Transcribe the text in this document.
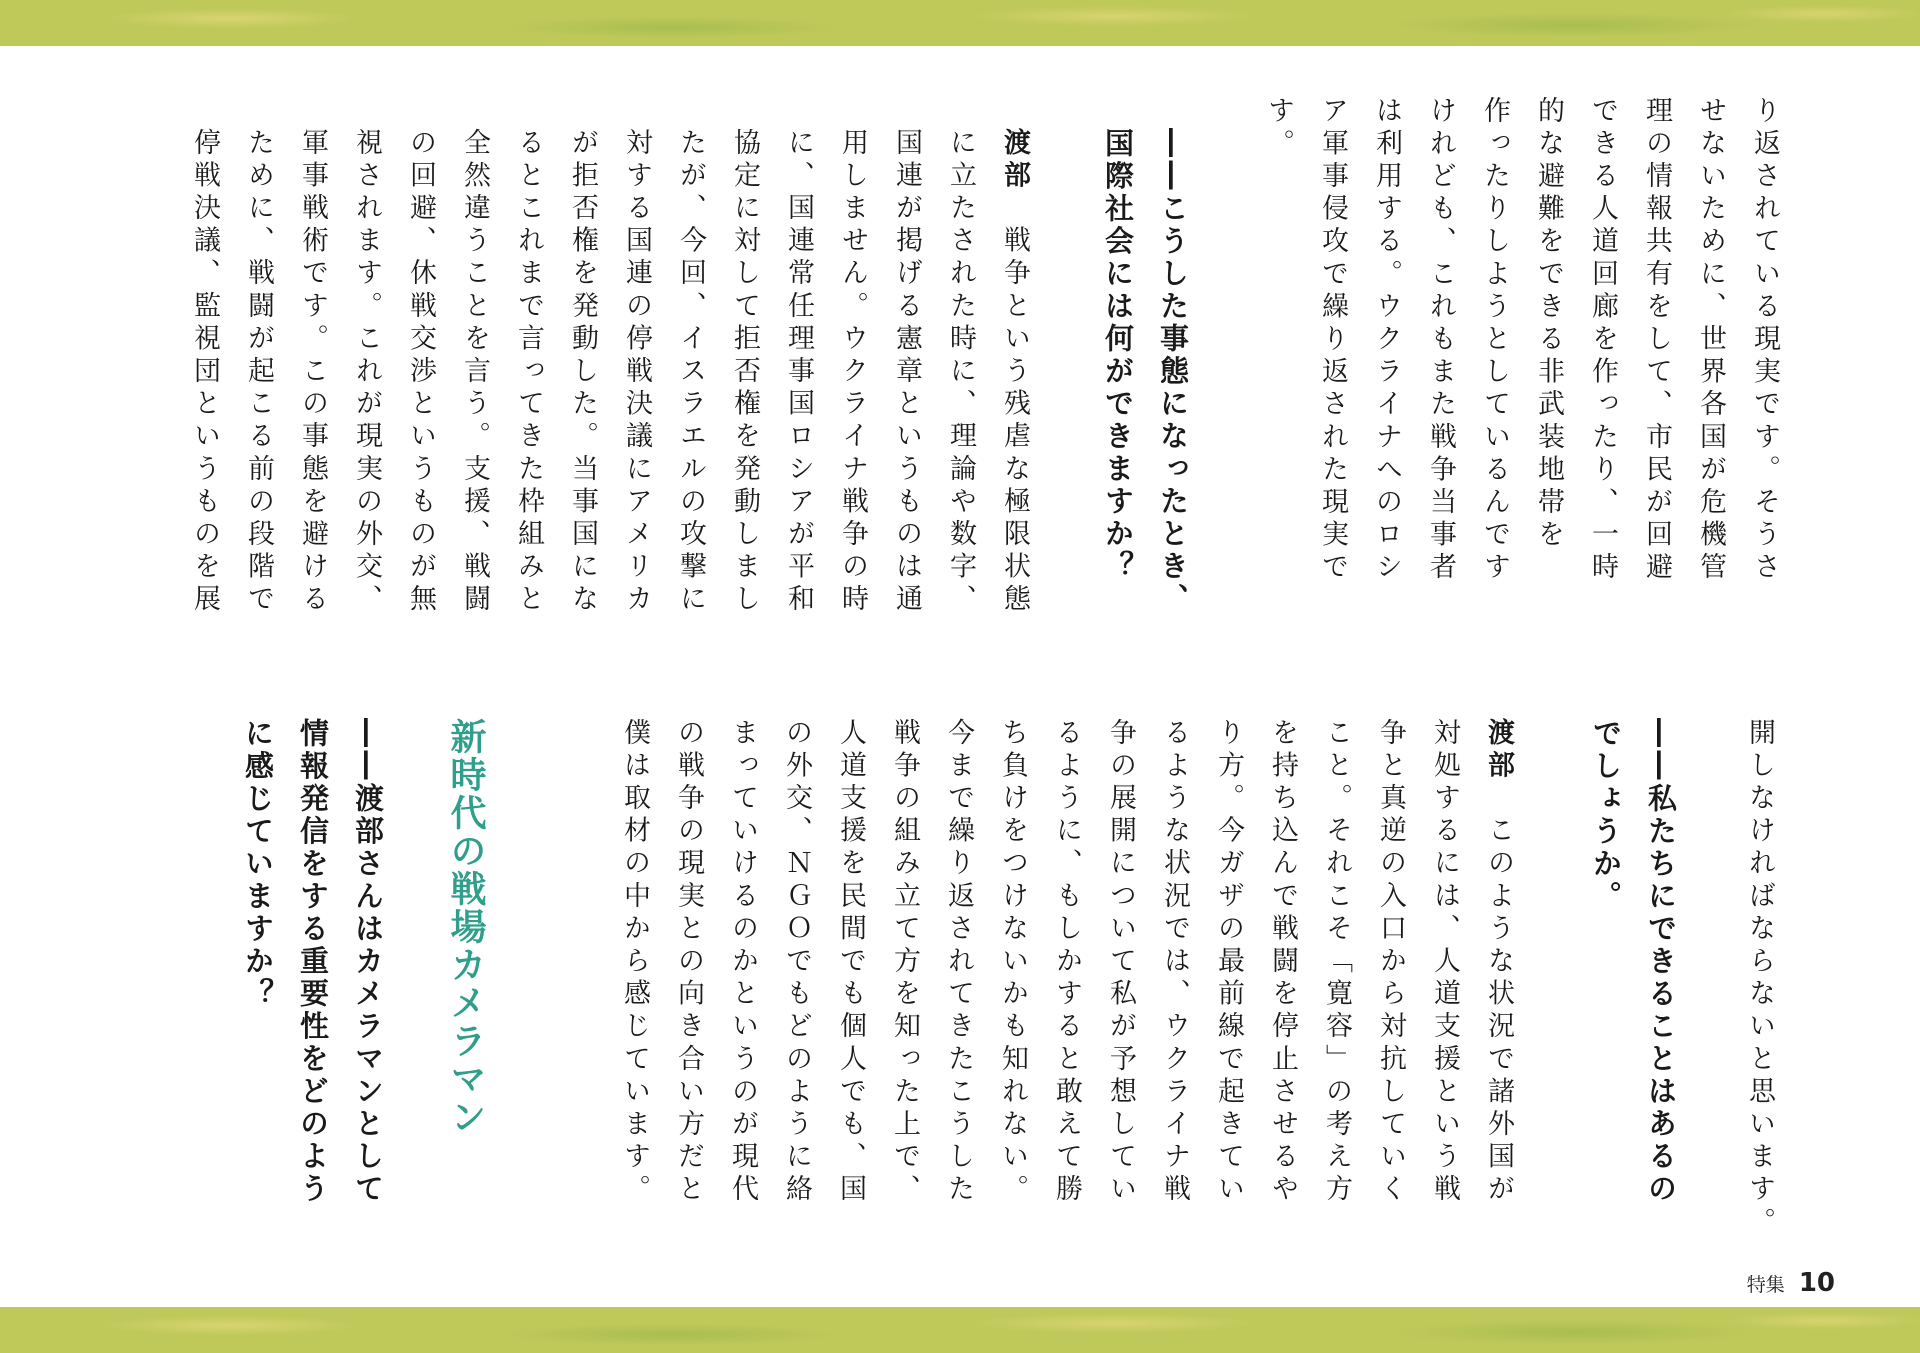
り返されている現実です。そうさ

せないために、世界各国が危機管

理の情報共有をして、市民が回避

できる人道回廊を作ったり、一時

的な避難をできる非武装地帯を

作ったりしようとしているんです

けれども、これもまた戦争当事者

は利用する。ウクライナへのロシ

ア軍事侵攻で繰り返された現実で

す。

――こうした事態になったとき、

国際社会には何ができますか？

渡部　戦争という残虐な極限状態

に立たされた時に、理論や数字、

国連が掲げる憲章というものは通

用しません。ウクライナ戦争の時

に、国連常任理事国ロシアが平和

協定に対して拒否権を発動しまし

たが、今回、イスラエルの攻撃に

対する国連の停戦決議にアメリカ

が拒否権を発動した。当事国にな

るとこれまで言ってきた枠組みと

全然違うことを言う。支援、戦闘

の回避、休戦交渉というものが無

視されます。これが現実の外交、

軍事戦術です。この事態を避ける

ために、戦闘が起こる前の段階で

停戦決議、監視団というものを展

開しなければならないと思います。

――私たちにできることはあるの

でしょうか。

渡部　このような状況で諸外国が

対処するには、人道支援という戦

争と真逆の入口から対抗していく

こと。それこそ「寛容」の考え方

を持ち込んで戦闘を停止させるや

り方。今ガザの最前線で起きてい

るような状況では、ウクライナ戦

争の展開について私が予想してい

るように、もしかすると敢えて勝

ち負けをつけないかも知れない。

今まで繰り返されてきたこうした

戦争の組み立て方を知った上で、

人道支援を民間でも個人でも、国

の外交、ＮＧＯでもどのように絡

まっていけるのかというのが現代

の戦争の現実との向き合い方だと

僕は取材の中から感じています。

新時代の戦場カメラマン

――渡部さんはカメラマンとして

情報発信をする重要性をどのよう

に感じていますか？

特集 10
